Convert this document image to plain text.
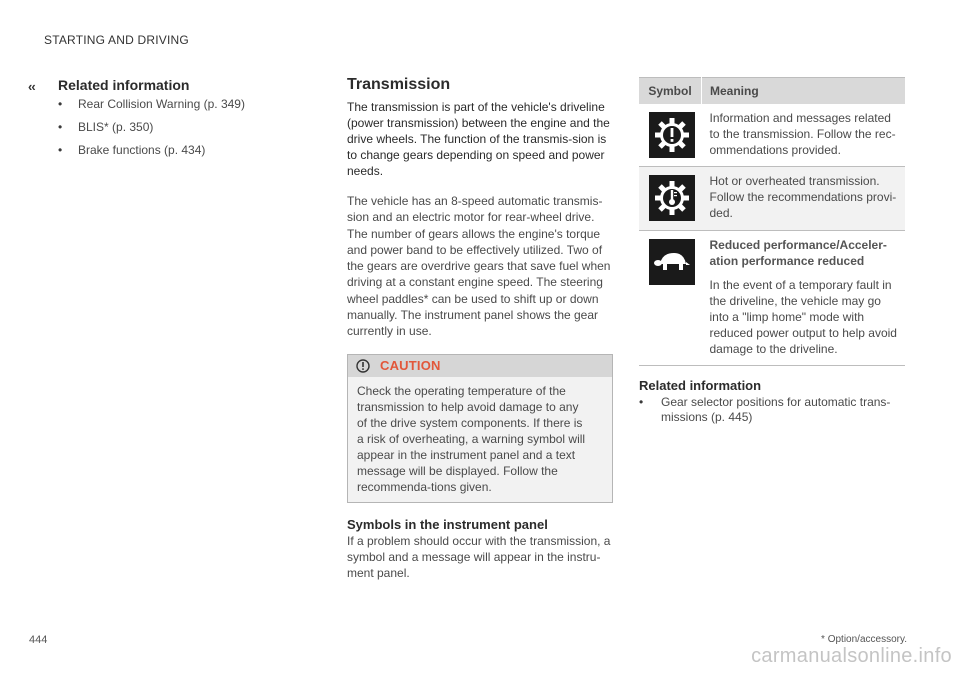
STARTING AND DRIVING
‹‹ Related information
• Rear Collision Warning (p. 349)
• BLIS* (p. 350)
• Brake functions (p. 434)
Transmission

The transmission is part of the vehicle's driveline (power transmission) between the engine and the drive wheels. The function of the transmis-sion is to change gears depending on speed and power needs.

The vehicle has an 8-speed automatic transmis-sion and an electric motor for rear-wheel drive. The number of gears allows the engine's torque and power band to be effectively utilized. Two of the gears are overdrive gears that save fuel when driving at a constant engine speed. The steering wheel paddles* can be used to shift up or down manually. The instrument panel shows the gear currently in use.

CAUTION
Check the operating temperature of the transmission to help avoid damage to any of the drive system components. If there is a risk of overheating, a warning symbol will appear in the instrument panel and a text message will be displayed. Follow the recommenda-tions given.
Symbols in the instrument panel

If a problem should occur with the transmission, a symbol and a message will appear in the instru-ment panel.

Symbol	Meaning

	Information and messages related to the transmission. Follow the rec-ommendations provided.

	Hot or overheated transmission. Follow the recommendations provi-ded.

Reduced performance/Acceler-ation performance reduced
In the event of a temporary fault in the driveline, the vehicle may go into a "limp home" mode with reduced power output to help avoid damage to the driveline.
Related information
• Gear selector positions for automatic trans-missions (p. 445)
444	* Option/accessory.
carmanualsonline.info
